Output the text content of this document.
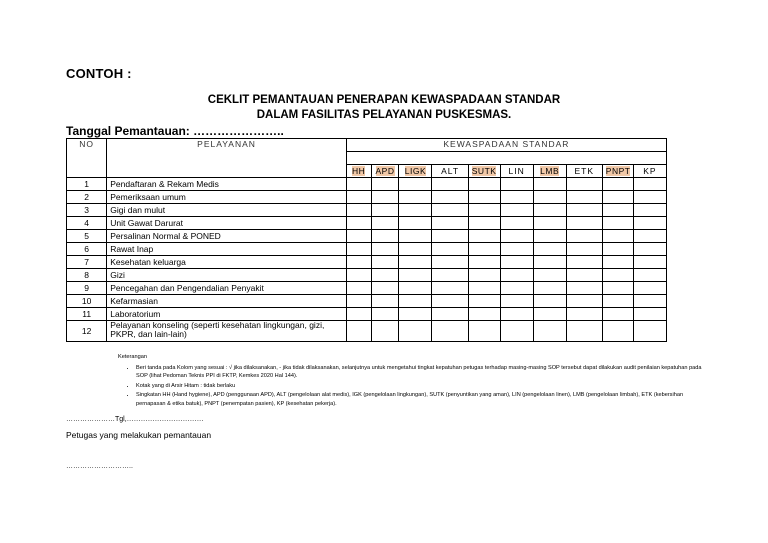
CONTOH :
CEKLIT PEMANTAUAN PENERAPAN KEWASPADAAN STANDAR
DALAM FASILITAS PELAYANAN PUSKESMAS.
Tanggal Pemantauan: …………………..
NO	PELAYANAN	KEWASPADAAN STANDAR									

		HH	APD	LIGK	ALT	SUTK	LIN	LMB	ETK	PNPT	KP
1	Pendaftaran & Rekam Medis										
2	Pemeriksaan umum										
3	Gigi dan mulut										
4	Unit Gawat Darurat										
5	Persalinan Normal & PONED										
6	Rawat Inap										
7	Kesehatan keluarga										
8	Gizi										
9	Pencegahan dan Pengendalian Penyakit										
10	Kefarmasian										
11	Laboratorium										
12	Pelayanan konseling (seperti kesehatan lingkungan, gizi, PKPR, dan lain-lain)										
Keterangan
• Beri tanda pada Kolom yang sesuai : √ jika dilaksanakan, - jika tidak dilaksanakan, selanjutnya untuk mengetahui tingkat kepatuhan petugas terhadap masing-masing SOP tersebut dapat dilakukan audit penilaian kepatuhan pada SOP (lihat Pedoman Teknis PPI di FKTP, Kemkes 2020 Hal 144).
• Kotak yang di Arsir Hitam : tidak berlaku
• Singkatan HH (Hand hygiene), APD (penggunaan APD), ALT (pengelolaan alat medis), IGK (pengelolaan lingkungan), SUTK (penyuntikan yang aman), LIN (pengelolaan linen), LMB (pengelolaan limbah), ETK (kebersihan pernapasan & etika batuk), PNPT (penempatan pasien), KP (kesehatan pekerja).
…………………Tgl,……………………………
Petugas yang melakukan pemantauan
………………………..
